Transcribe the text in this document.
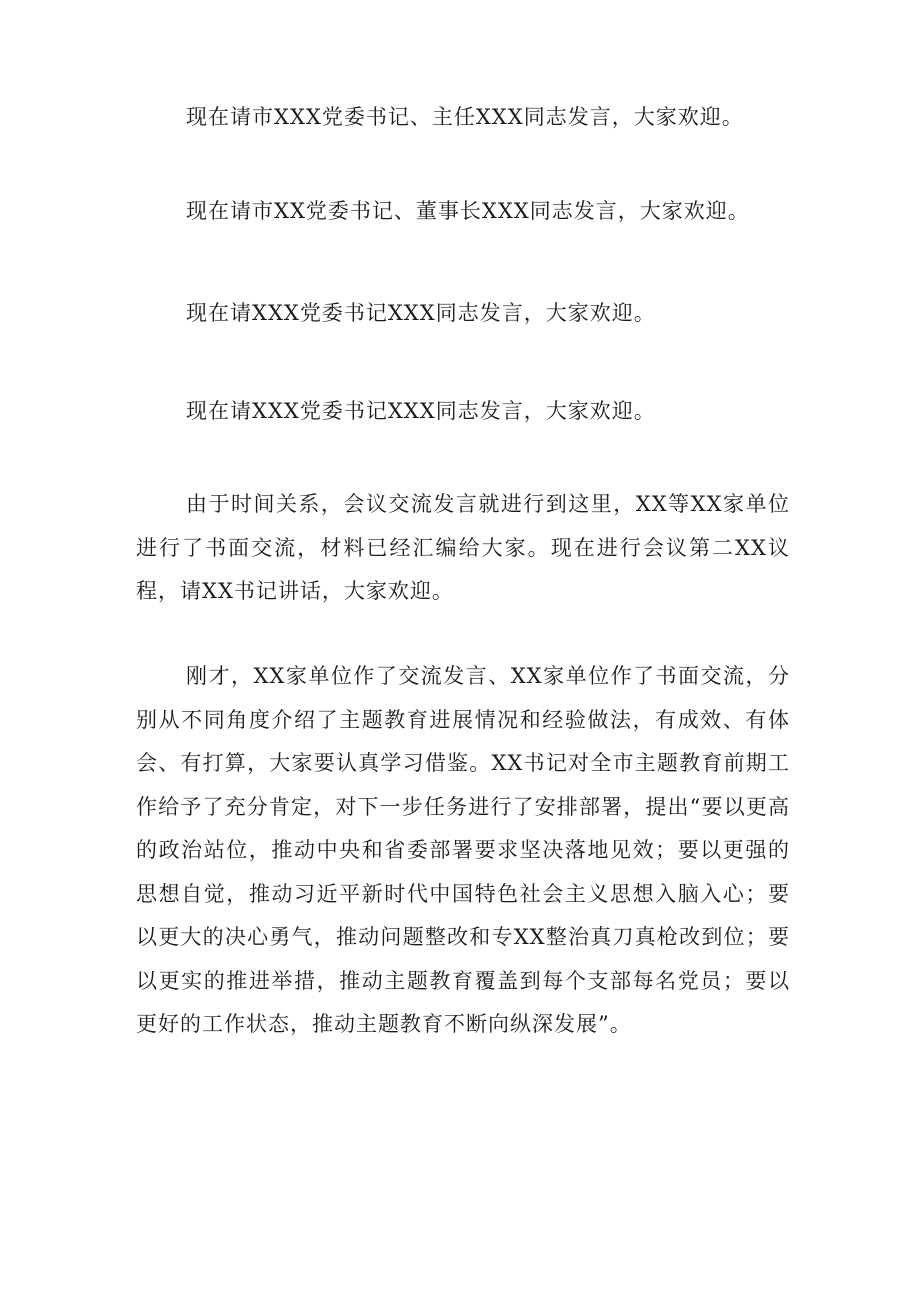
现在请市XXX党委书记、主任XXX同志发言，大家欢迎。

现在请市XX党委书记、董事长XXX同志发言，大家欢迎。

现在请XXX党委书记XXX同志发言，大家欢迎。

现在请XXX党委书记XXX同志发言，大家欢迎。

由于时间关系，会议交流发言就进行到这里，XX等XX家单位进行了书面交流，材料已经汇编给大家。现在进行会议第二XX议程，请XX书记讲话，大家欢迎。

刚才，XX家单位作了交流发言、XX家单位作了书面交流，分别从不同角度介绍了主题教育进展情况和经验做法，有成效、有体会、有打算，大家要认真学习借鉴。XX书记对全市主题教育前期工作给予了充分肯定，对下一步任务进行了安排部署，提出“要以更高的政治站位，推动中央和省委部署要求坚决落地见效；要以更强的思想自觉，推动习近平新时代中国特色社会主义思想入脑入心；要以更大的决心勇气，推动问题整改和专XX整治真刀真枪改到位；要以更实的推进举措，推动主题教育覆盖到每个支部每名党员；要以更好的工作状态，推动主题教育不断向纵深发展”。
